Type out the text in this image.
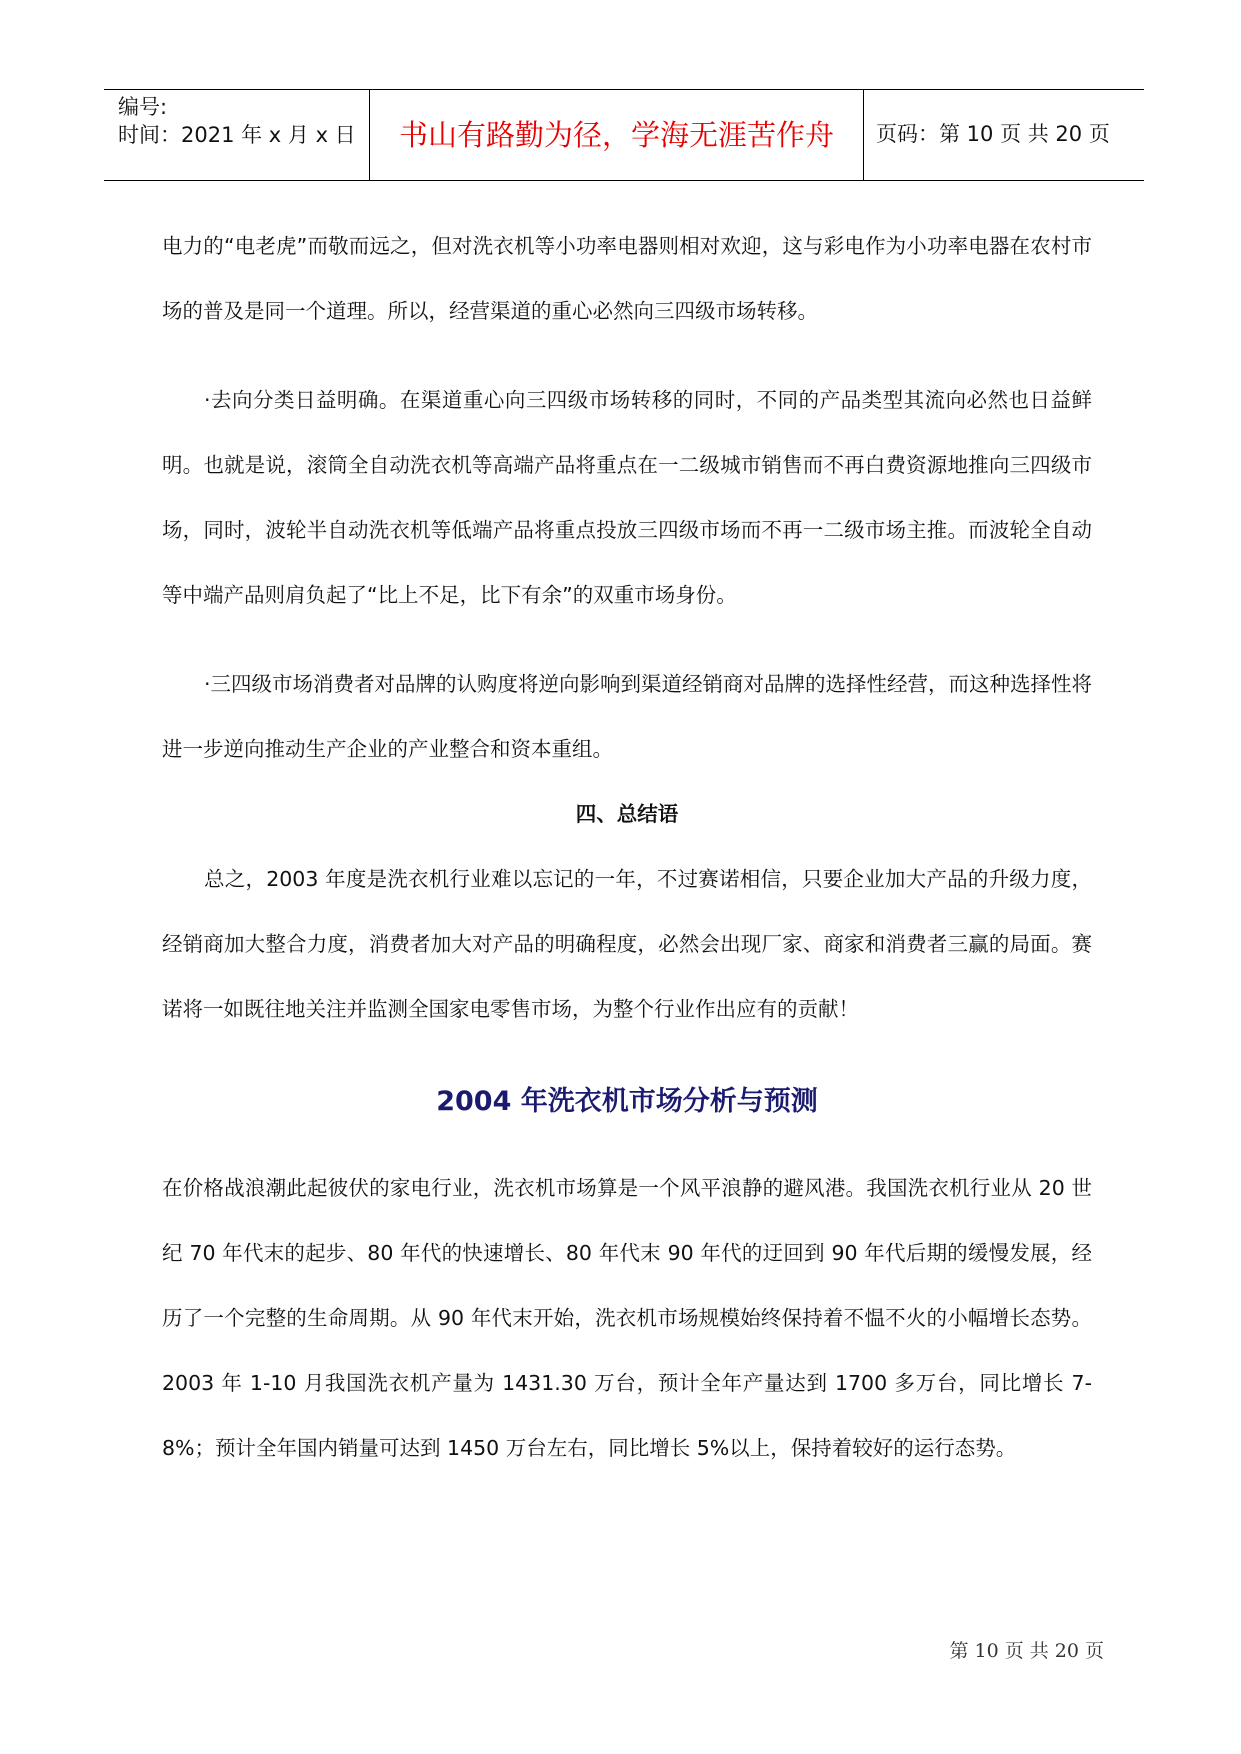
编号:
时间：2021 年 x 月 x 日	书山有路勤为径，学海无涯苦作舟	页码：第 10 页 共 20 页

电力的“电老虎”而敬而远之，但对洗衣机等小功率电器则相对欢迎，这与彩电作为小功率电器在农村市场的普及是同一个道理。所以，经营渠道的重心必然向三四级市场转移。

·去向分类日益明确。在渠道重心向三四级市场转移的同时，不同的产品类型其流向必然也日益鲜明。也就是说，滚筒全自动洗衣机等高端产品将重点在一二级城市销售而不再白费资源地推向三四级市场，同时，波轮半自动洗衣机等低端产品将重点投放三四级市场而不再一二级市场主推。而波轮全自动等中端产品则肩负起了“比上不足，比下有余”的双重市场身份。

·三四级市场消费者对品牌的认购度将逆向影响到渠道经销商对品牌的选择性经营，而这种选择性将进一步逆向推动生产企业的产业整合和资本重组。

四、总结语

总之，2003 年度是洗衣机行业难以忘记的一年，不过赛诺相信，只要企业加大产品的升级力度，经销商加大整合力度，消费者加大对产品的明确程度，必然会出现厂家、商家和消费者三赢的局面。赛诺将一如既往地关注并监测全国家电零售市场，为整个行业作出应有的贡献！

2004 年洗衣机市场分析与预测

在价格战浪潮此起彼伏的家电行业，洗衣机市场算是一个风平浪静的避风港。我国洗衣机行业从 20 世纪 70 年代末的起步、80 年代的快速增长、80 年代末 90 年代的迂回到 90 年代后期的缓慢发展，经历了一个完整的生命周期。从 90 年代末开始，洗衣机市场规模始终保持着不愠不火的小幅增长态势。2003 年 1-10 月我国洗衣机产量为 1431.30 万台，预计全年产量达到 1700 多万台，同比增长 7-8%；预计全年国内销量可达到 1450 万台左右，同比增长 5%以上，保持着较好的运行态势。

第 10 页 共 20 页
